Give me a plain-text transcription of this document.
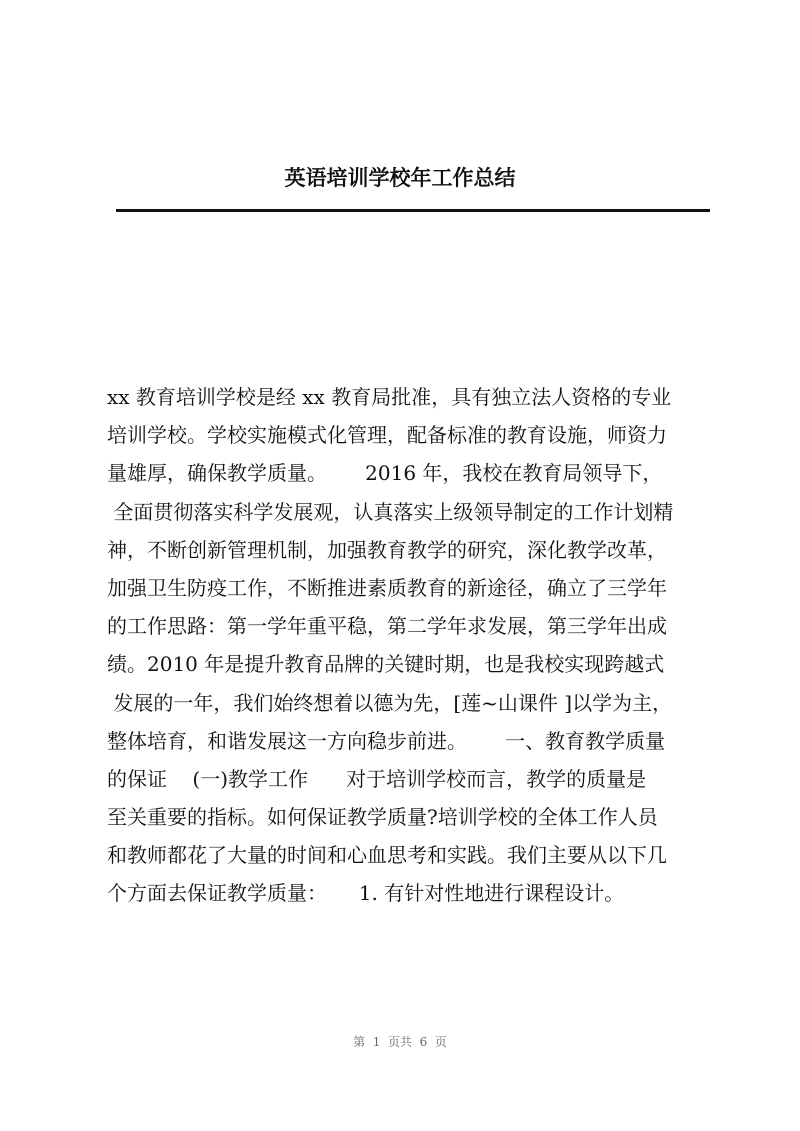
英语培训学校年工作总结
xx 教育培训学校是经 xx 教育局批准，具有独立法人资格的专业
培训学校。学校实施模式化管理，配备标准的教育设施，师资力
量雄厚，确保教学质量。      2016 年，我校在教育局领导下，
全面贯彻落实科学发展观，认真落实上级领导制定的工作计划精
神，不断创新管理机制，加强教育教学的研究，深化教学改革，
加强卫生防疫工作，不断推进素质教育的新途径，确立了三学年
的工作思路：第一学年重平稳，第二学年求发展，第三学年出成
绩。2010 年是提升教育品牌的关键时期，也是我校实现跨越式
发展的一年，我们始终想着以德为先，[莲~山课件 ]以学为主，
整体培育，和谐发展这一方向稳步前进。      一、教育教学质量
的保证    (一)教学工作      对于培训学校而言，教学的质量是
至关重要的指标。如何保证教学质量?培训学校的全体工作人员
和教师都花了大量的时间和心血思考和实践。我们主要从以下几
个方面去保证教学质量：     1. 有针对性地进行课程设计。
第  1  页共  6  页
